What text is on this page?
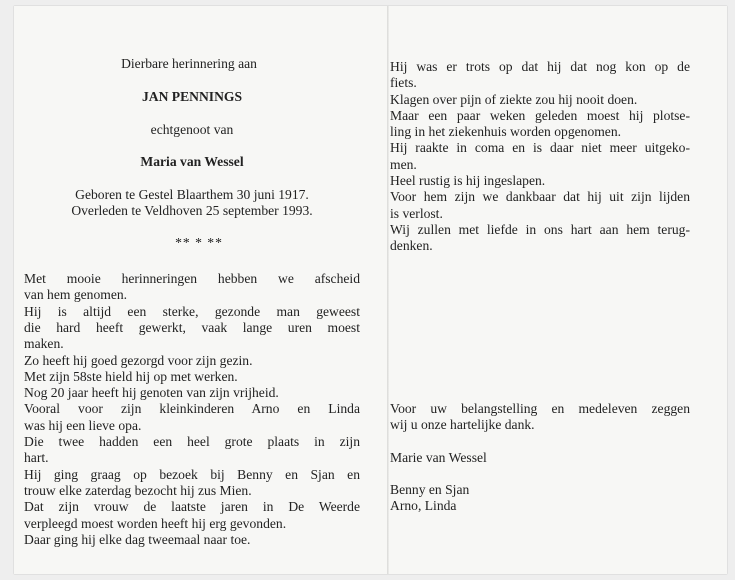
Dierbare herinnering aan
JAN PENNINGS
echtgenoot van
Maria van Wessel
Geboren te Gestel Blaarthem 30 juni 1917.
Overleden te Veldhoven 25 september 1993.
** * **
Met mooie herinneringen hebben we afscheid
van hem genomen.
Hij is altijd een sterke, gezonde man geweest
die hard heeft gewerkt, vaak lange uren moest
maken.
Zo heeft hij goed gezorgd voor zijn gezin.
Met zijn 58ste hield hij op met werken.
Nog 20 jaar heeft hij genoten van zijn vrijheid.
Vooral voor zijn kleinkinderen Arno en Linda
was hij een lieve opa.
Die twee hadden een heel grote plaats in zijn
hart.
Hij ging graag op bezoek bij Benny en Sjan en
trouw elke zaterdag bezocht hij zus Mien.
Dat zijn vrouw de laatste jaren in De Weerde
verpleegd moest worden heeft hij erg gevonden.
Daar ging hij elke dag tweemaal naar toe.
Hij was er trots op dat hij dat nog kon op de
fiets.
Klagen over pijn of ziekte zou hij nooit doen.
Maar een paar weken geleden moest hij plotse-
ling in het ziekenhuis worden opgenomen.
Hij raakte in coma en is daar niet meer uitgeko-
men.
Heel rustig is hij ingeslapen.
Voor hem zijn we dankbaar dat hij uit zijn lijden
is verlost.
Wij zullen met liefde in ons hart aan hem terug-
denken.
Voor uw belangstelling en medeleven zeggen
wij u onze hartelijke dank.
Marie van Wessel
Benny en Sjan
Arno, Linda
